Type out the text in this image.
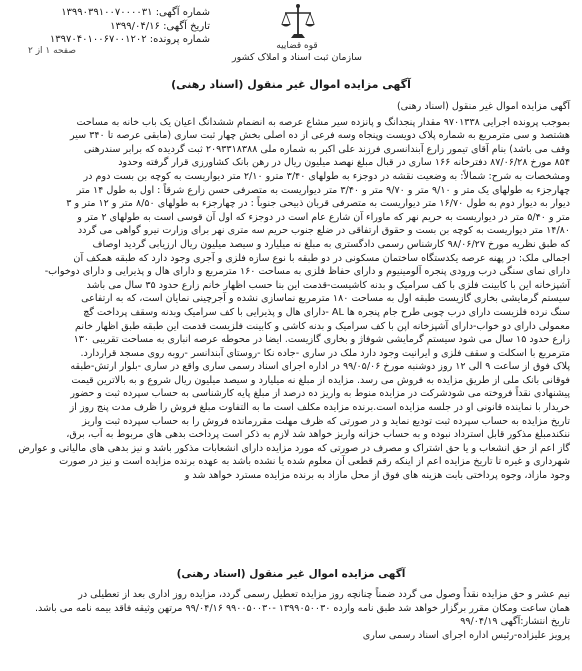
شماره آگهی: ۱۳۹۹۰۳۹۱۰۰۷۰۰۰۰۳۱
تاریخ آگهی: ۱۳۹۹/۰۴/۱۶
شماره پرونده: ۱۳۹۷۰۴۰۱۰۰۶۷۰۰۱۲۰۲
قوه قضاییه
سازمان ثبت اسناد و املاک کشور
صفحه ۱ از ۲
آگهی مزایده اموال غیر منقول (اسناد رهنی)

آگهی مزایده اموال غیر منقول (اسناد رهنی)

بموجب پرونده اجرایی ۹۷۰۱۳۳۸ مقدار پنجدانگ و پانزده سیر مشاع عرصه به انضمام ششدانگ اعیان یک باب خانه به مساحت

هشتصد و سی مترمربع به شماره پلاک دویست وپنجاه وسه فرعی از ده اصلی بخش چهار ثبت ساری (مابقی عرصه تا ۳۴۰ سیر

وقف می باشد) بنام آقای تیمور زارع آبندانسری فرزند علی اکبر به شماره ملی ۲۰۹۳۳۱۸۳۸۸ ثبت گردیده که برابر سندرهنی

۸۵۴ مورخ ۸۷/۰۶/۲۸ دفترخانه ۱۶۶ ساری در قبال مبلغ نهصد میلیون ریال در رهن بانک کشاورزی قرار گرفته وحدود

ومشخصات به شرح: شمالاً: به وضعیت نقشه در دوجزء به طولهای ۳/۴۰ مترو ۲/۱۰ متر دیواریست به کوچه بن بست دوم در

چهارجزء به طولهای یک متر و ۹/۱۰ متر و ۹/۷۰ متر و ۳/۴۰ متر دیواریست به متصرفی حسن زارع شرقاً : اول به طول ۱۴ متر

دیوار به دیوار دوم به طول ۱۶/۷۰ متر دیواریست به متصرفی قربان ذبیحی جنوباً : در چهارجزء به طولهای ۸/۵۰ متر و ۱۲ متر و ۳

متر و ۵/۴۰ متر در دیواریست به حریم نهر که ماوراء آن شارع عام است در دوجزء که اول آن قوسی است به طولهای ۲ متر و

۱۴/۸۰ متر دیواریست به کوچه بن بست و حقوق ارتفاقی در ضلع جنوب حریم سه متری نهر برای وزارت نیرو گواهی می گردد

که طبق نظریه مورخ ۹۸/۰۶/۲۷ کارشناس رسمی دادگستری به مبلغ نه میلیارد و سیصد میلیون ریال ارزیابی گردید اوصاف

اجمالی ملک: در پهنه عرصه یکدستگاه ساختمان مسکونی در دو طبقه با نوع سازه فلزی و آجری وجود دارد که طبقه همکف آن

دارای نمای سنگی درب ورودی پنجره آلومینیوم و دارای حفاظ فلزی به مساحت ۱۶۰ مترمربع و دارای هال و پذیرایی و دارای دوخواب-

آشپزخانه این با کابینت فلزی با کف سرامیک و بدنه کاشیست-قدمت این بنا حسب اظهار خانم زارع حدود ۳۵ سال می باشد

سیستم گرمایشی بخاری گازیست طبقه اول به مساحت ۱۸۰ مترمربع نماسازی نشده و آجرچینی نمایان است، که به ارتفاعی

سنگ نرده فلزیست دارای درب چوبی طرح جام پنجره ها AL -دارای هال و پذیرایی با کف سرامیک وبدنه وسقف پرداخت گچ

معمولی دارای دو خواب-دارای آشپزخانه اپن با کف سرامیک و بدنه کاشی و کابینت فلزیست قدمت این طبقه طبق اظهار خانم

زارع حدود ۱۵ سال می شود سیستم گرمایشی شوفاژ و بخاری گازیست. ایضا در محوطه عرصه انباری به مساحت تقریبی ۱۳۰

مترمربع با اسکلت و سقف فلزی و ایرانیت وجود دارد ملک در ساری -جاده نکا -روستای آبندانسر -روبه روی مسجد قراردارد.

پلاک فوق از ساعت ۹ الی ۱۲ روز دوشنبه مورخ ۹۹/۰۵/۰۶ در اداره اجرای اسناد رسمی ساری واقع در ساری -بلوار ارتش-طبقه

فوقانی بانک ملی از طریق مزایده به فروش می رسد. مزایده از مبلغ نه میلیارد و سیصد میلیون ریال شروع و به بالاترین قیمت

پیشنهادی نقداً فروخته می شودشرکت در مزایده منوط به واریز ده درصد از مبلغ پایه کارشناسی به حساب سپرده ثبت و حضور

خریدار با نماینده قانونی او در جلسه مزایده است.برنده مزایده مکلف است ما به التفاوت مبلغ فروش را ظرف مدت پنج روز از

تاریخ مزایده به حساب سپرده ثبت تودیع نماید و در صورتی که ظرف مهلت مقررمانده فروش را به حساب سپرده ثبت واریز

ننکندمبلغ مذکور قابل استرداد نبوده و به حساب خزانه واریز خواهد شد لازم به ذکر است پرداخت بدهی های مربوط به آب، برق،

گاز اعم از حق انشعاب و یا حق اشتراک و مصرف در صورتی که مورد مزایده دارای انشعابات مذکور باشد و نیز بدهی های مالیاتی و عوارض

شهرداری و غیره تا تاریخ مزایده اعم از اینکه رقم قطعی آن معلوم شده یا نشده باشد به عهده برنده مزایده است و نیز در صورت

وجود مازاد، وجوه پرداختی بابت هزینه های فوق از محل مازاد به برنده مزایده مسترد خواهد شد و

آگهی مزایده اموال غیر منقول (اسناد رهنی)

نیم عشر و حق مزایده نقداً وصول می گردد ضمناً چنانچه روز مزایده تعطیل رسمی گردد، مزایده روز اداری بعد از تعطیلی در

همان ساعت ومکان مقرر برگزار خواهد شد طبق نامه وارده ۱۳۹۹۰۵۰۰۳۰ -۹۹۰۰۵۰۰۳۰ ۹۹/۰۴/۱۶ مرتهن وثیقه فاقد بیمه نامه می باشد.

تاریخ انتشار:آگهی ۹۹/۰۴/۱۹

پرویز علیزاده-رئیس اداره اجرای اسناد رسمی ساری
